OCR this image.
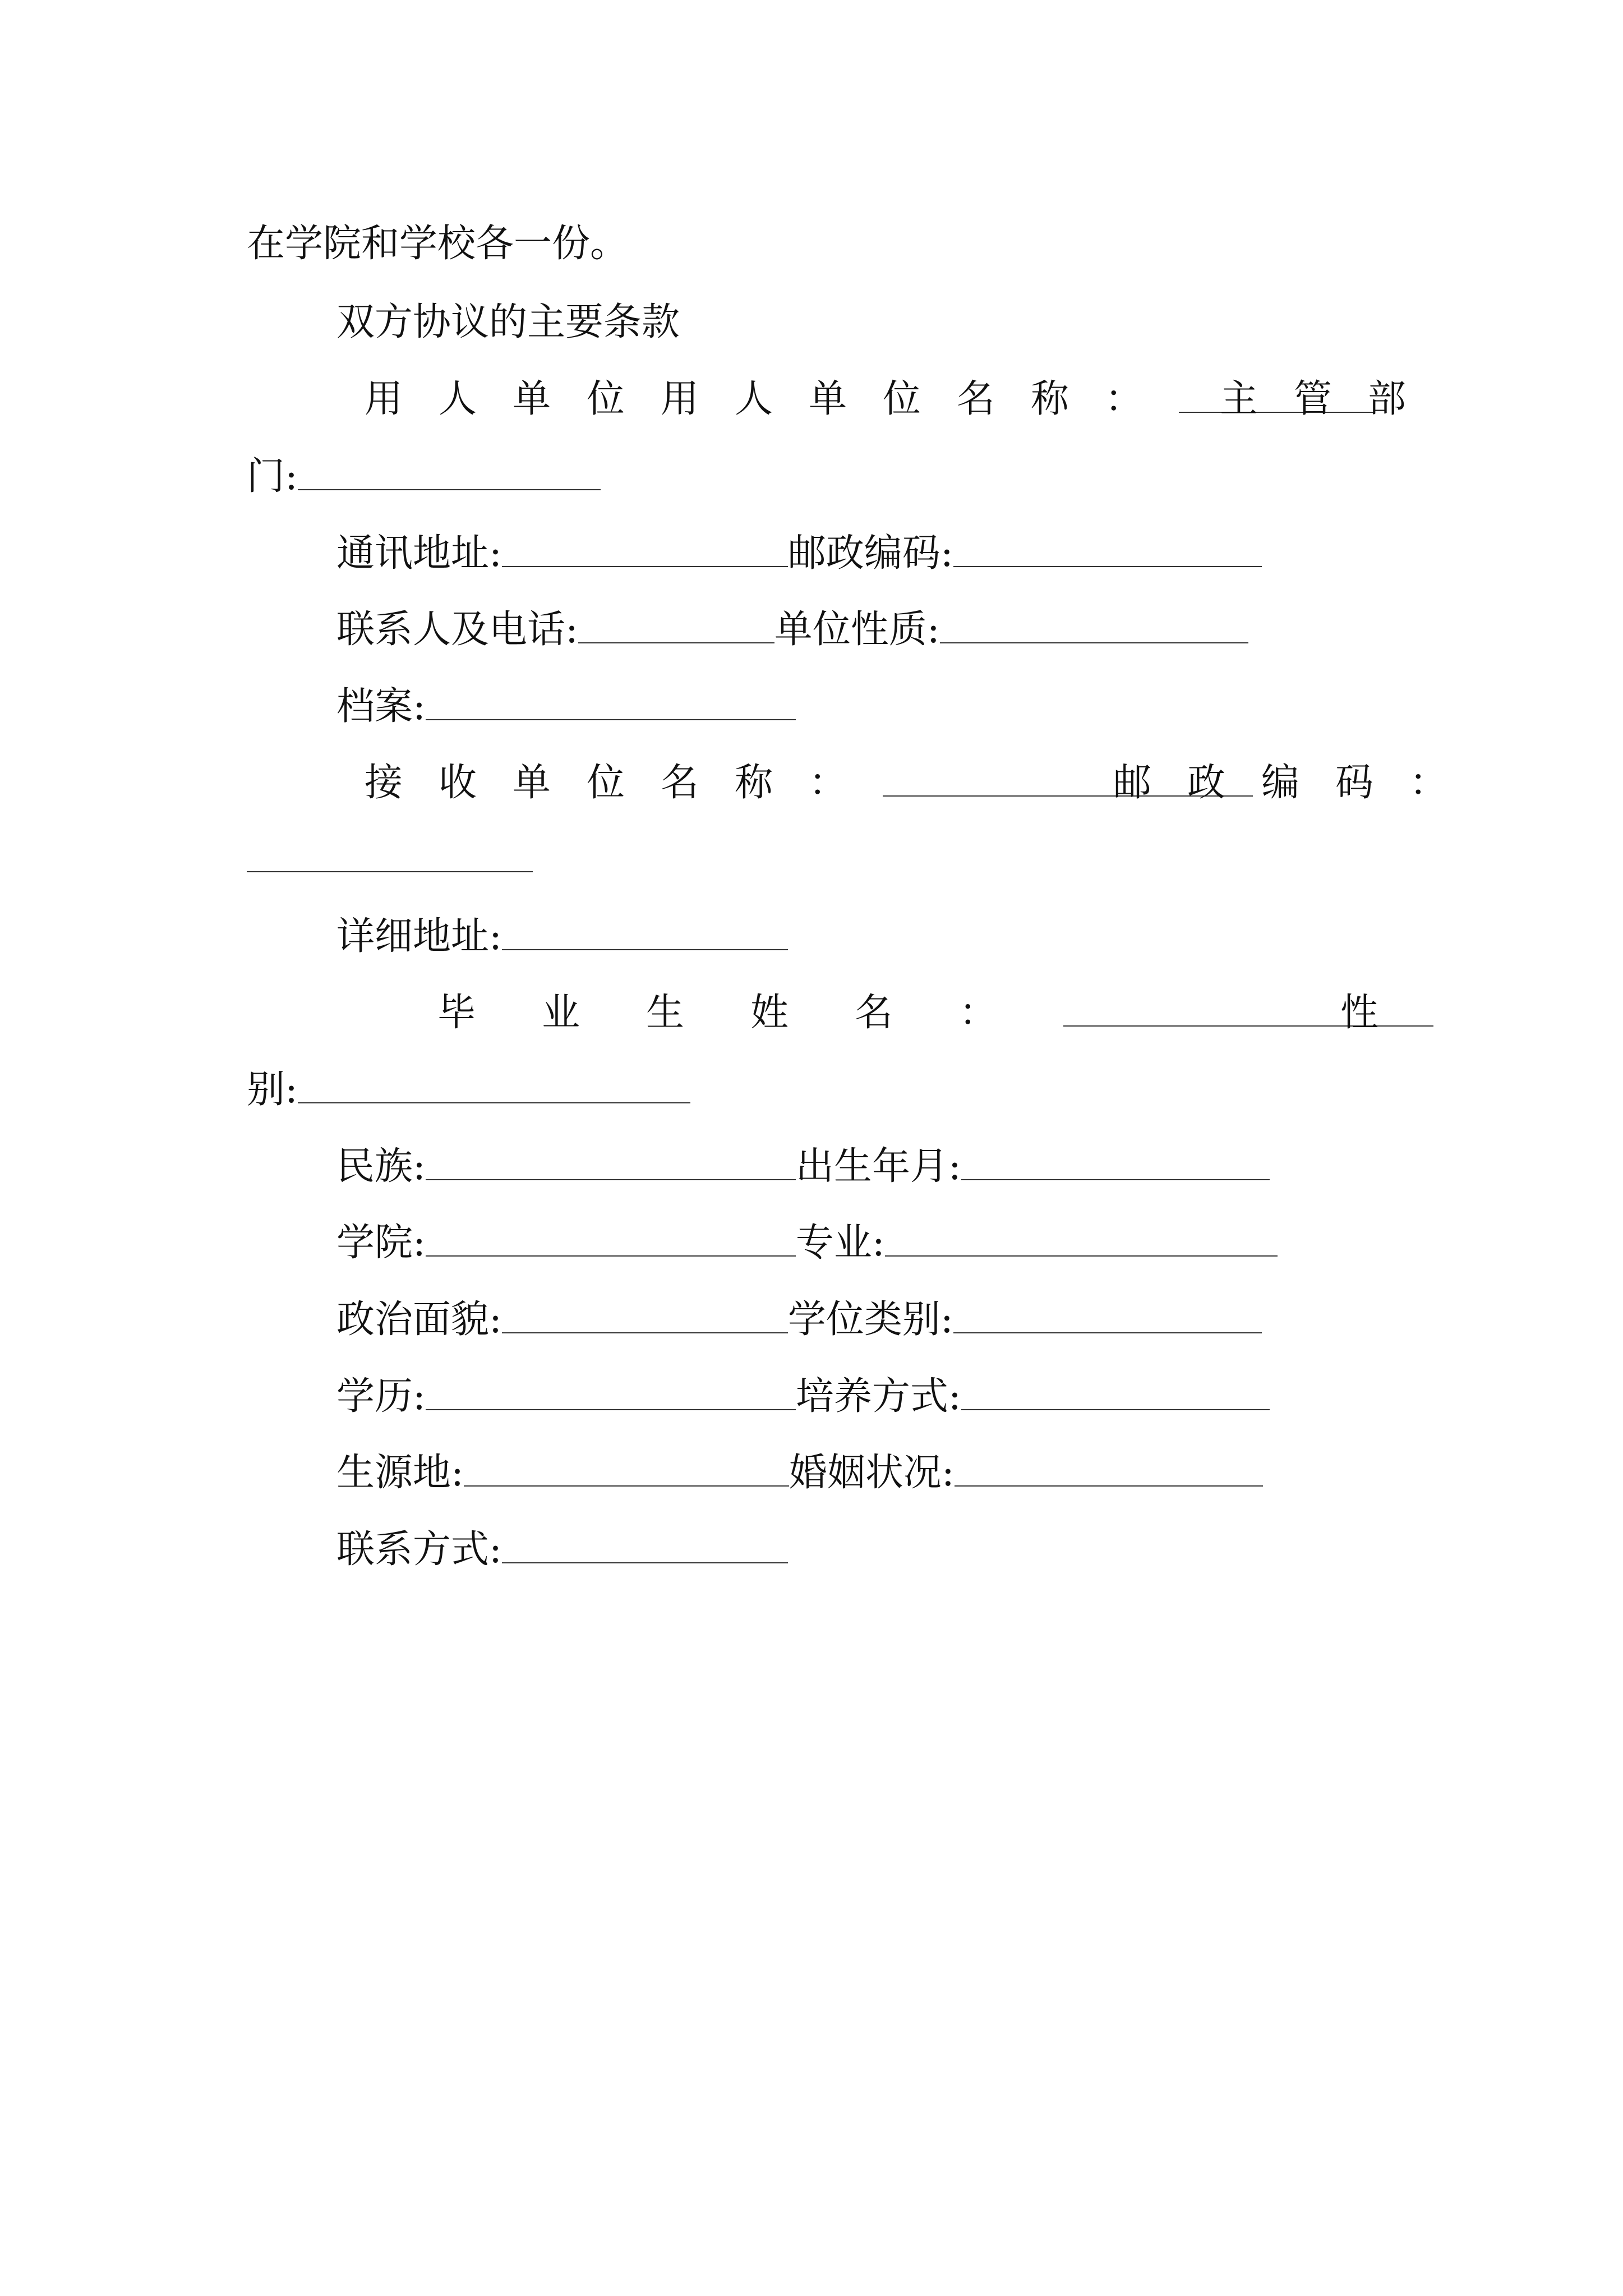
在学院和学校各一份。
双方协议的主要条款
用人单位用人单位名称：	主管部
门:
通讯地址:	邮政编码:
联系人及电话:	单位性质:
档案:
接收单位名称：	邮政编码：
详细地址:
毕业生姓名：	性
别:
民族:	出生年月:
学院:	专业:
政治面貌:	学位类别:
学历:	培养方式:
生源地:	婚姻状况:
联系方式:
